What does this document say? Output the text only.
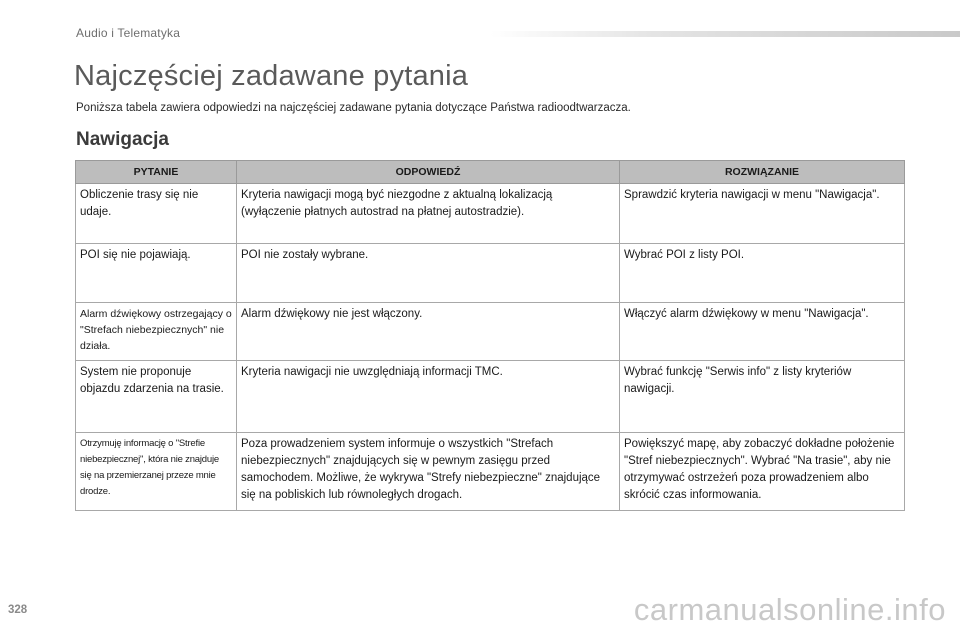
Audio i Telematyka
Najczęściej zadawane pytania

Poniższa tabela zawiera odpowiedzi na najczęściej zadawane pytania dotyczące Państwa radioodtwarzacza.

Nawigacja
PYTANIE	ODPOWIEDŹ	ROZWIĄZANIE
Obliczenie trasy się nie udaje.	Kryteria nawigacji mogą być niezgodne z aktualną lokalizacją (wyłączenie płatnych autostrad na płatnej autostradzie).	Sprawdzić kryteria nawigacji w menu "Nawigacja".
POI się nie pojawiają.	POI nie zostały wybrane.	Wybrać POI z listy POI.
Alarm dźwiękowy ostrzegający o "Strefach niebezpiecznych" nie działa.	Alarm dźwiękowy nie jest włączony.	Włączyć alarm dźwiękowy w menu "Nawigacja".
System nie proponuje objazdu zdarzenia na trasie.	Kryteria nawigacji nie uwzględniają informacji TMC.	Wybrać funkcję "Serwis info" z listy kryteriów nawigacji.
Otrzymuję informację o "Strefie niebezpiecznej", która nie znajduje się na przemierzanej przeze mnie drodze.	Poza prowadzeniem system informuje o wszystkich "Strefach niebezpiecznych" znajdujących się w pewnym zasięgu przed samochodem. Możliwe, że wykrywa "Strefy niebezpieczne" znajdujące się na pobliskich lub równoległych drogach.	Powiększyć mapę, aby zobaczyć dokładne położenie "Stref niebezpiecznych". Wybrać "Na trasie", aby nie otrzymywać ostrzeżeń poza prowadzeniem albo skrócić czas informowania.
328	carmanualsonline.info
